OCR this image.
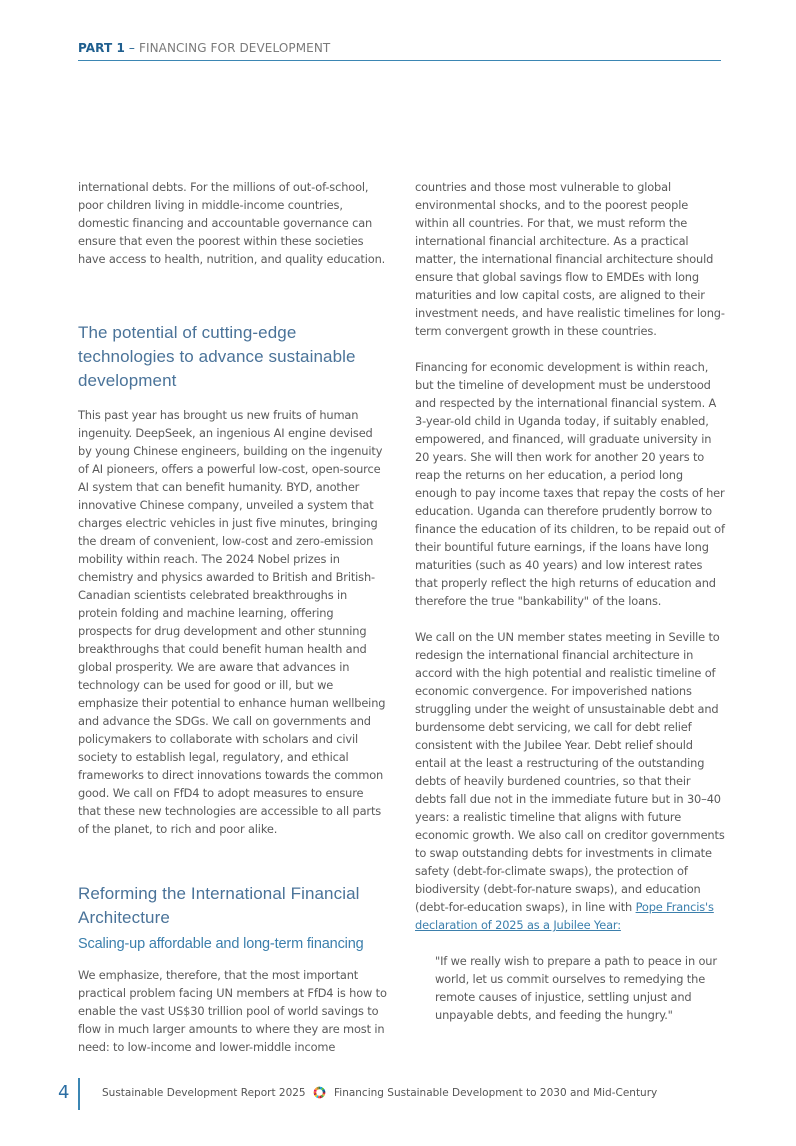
PART 1 – FINANCING FOR DEVELOPMENT

international debts. For the millions of out-of-school, poor children living in middle-income countries, domestic financing and accountable governance can ensure that even the poorest within these societies have access to health, nutrition, and quality education.

The potential of cutting-edge technologies to advance sustainable development

This past year has brought us new fruits of human ingenuity. DeepSeek, an ingenious AI engine devised by young Chinese engineers, building on the ingenuity of AI pioneers, offers a powerful low-cost, open-source AI system that can benefit humanity. BYD, another innovative Chinese company, unveiled a system that charges electric vehicles in just five minutes, bringing the dream of convenient, low-cost and zero-emission mobility within reach. The 2024 Nobel prizes in chemistry and physics awarded to British and British-Canadian scientists celebrated breakthroughs in protein folding and machine learning, offering prospects for drug development and other stunning breakthroughs that could benefit human health and global prosperity. We are aware that advances in technology can be used for good or ill, but we emphasize their potential to enhance human wellbeing and advance the SDGs. We call on governments and policymakers to collaborate with scholars and civil society to establish legal, regulatory, and ethical frameworks to direct innovations towards the common good. We call on FfD4 to adopt measures to ensure that these new technologies are accessible to all parts of the planet, to rich and poor alike.

Reforming the International Financial Architecture
Scaling-up affordable and long-term financing

We emphasize, therefore, that the most important practical problem facing UN members at FfD4 is how to enable the vast US$30 trillion pool of world savings to flow in much larger amounts to where they are most in need: to low-income and lower-middle income

countries and those most vulnerable to global environmental shocks, and to the poorest people within all countries. For that, we must reform the international financial architecture. As a practical matter, the international financial architecture should ensure that global savings flow to EMDEs with long maturities and low capital costs, are aligned to their investment needs, and have realistic timelines for long-term convergent growth in these countries.

Financing for economic development is within reach, but the timeline of development must be understood and respected by the international financial system. A 3-year-old child in Uganda today, if suitably enabled, empowered, and financed, will graduate university in 20 years. She will then work for another 20 years to reap the returns on her education, a period long enough to pay income taxes that repay the costs of her education. Uganda can therefore prudently borrow to finance the education of its children, to be repaid out of their bountiful future earnings, if the loans have long maturities (such as 40 years) and low interest rates that properly reflect the high returns of education and therefore the true "bankability" of the loans.

We call on the UN member states meeting in Seville to redesign the international financial architecture in accord with the high potential and realistic timeline of economic convergence. For impoverished nations struggling under the weight of unsustainable debt and burdensome debt servicing, we call for debt relief consistent with the Jubilee Year. Debt relief should entail at the least a restructuring of the outstanding debts of heavily burdened countries, so that their debts fall due not in the immediate future but in 30–40 years: a realistic timeline that aligns with future economic growth. We also call on creditor governments to swap outstanding debts for investments in climate safety (debt-for-climate swaps), the protection of biodiversity (debt-for-nature swaps), and education (debt-for-education swaps), in line with Pope Francis's declaration of 2025 as a Jubilee Year:

"If we really wish to prepare a path to peace in our world, let us commit ourselves to remedying the remote causes of injustice, settling unjust and unpayable debts, and feeding the hungry."

4	Sustainable Development Report 2025	Financing Sustainable Development to 2030 and Mid-Century
